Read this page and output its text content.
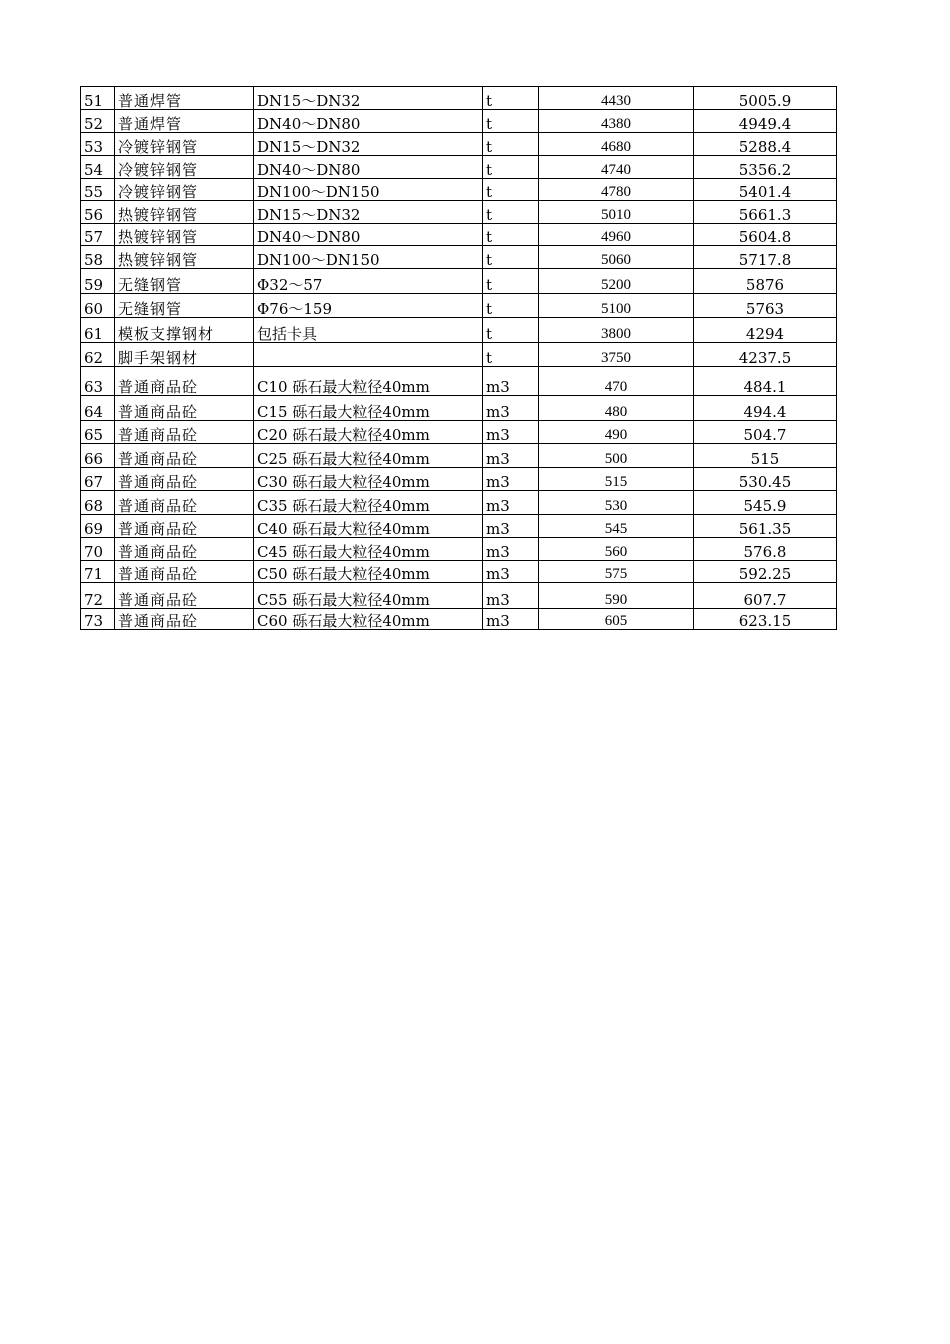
51	普通焊管	DN15～DN32	t	4430	5005.9
52	普通焊管	DN40～DN80	t	4380	4949.4
53	冷镀锌钢管	DN15～DN32	t	4680	5288.4
54	冷镀锌钢管	DN40～DN80	t	4740	5356.2
55	冷镀锌钢管	DN100～DN150	t	4780	5401.4
56	热镀锌钢管	DN15～DN32	t	5010	5661.3
57	热镀锌钢管	DN40～DN80	t	4960	5604.8
58	热镀锌钢管	DN100～DN150	t	5060	5717.8
59	无缝钢管	Φ32～57	t	5200	5876
60	无缝钢管	Φ76～159	t	5100	5763
61	模板支撑钢材	包括卡具	t	3800	4294
62	脚手架钢材		t	3750	4237.5
63	普通商品砼	C10 砾石最大粒径40mm	m3	470	484.1
64	普通商品砼	C15 砾石最大粒径40mm	m3	480	494.4
65	普通商品砼	C20 砾石最大粒径40mm	m3	490	504.7
66	普通商品砼	C25 砾石最大粒径40mm	m3	500	515
67	普通商品砼	C30 砾石最大粒径40mm	m3	515	530.45
68	普通商品砼	C35 砾石最大粒径40mm	m3	530	545.9
69	普通商品砼	C40 砾石最大粒径40mm	m3	545	561.35
70	普通商品砼	C45 砾石最大粒径40mm	m3	560	576.8
71	普通商品砼	C50 砾石最大粒径40mm	m3	575	592.25
72	普通商品砼	C55 砾石最大粒径40mm	m3	590	607.7
73	普通商品砼	C60 砾石最大粒径40mm	m3	605	623.15
